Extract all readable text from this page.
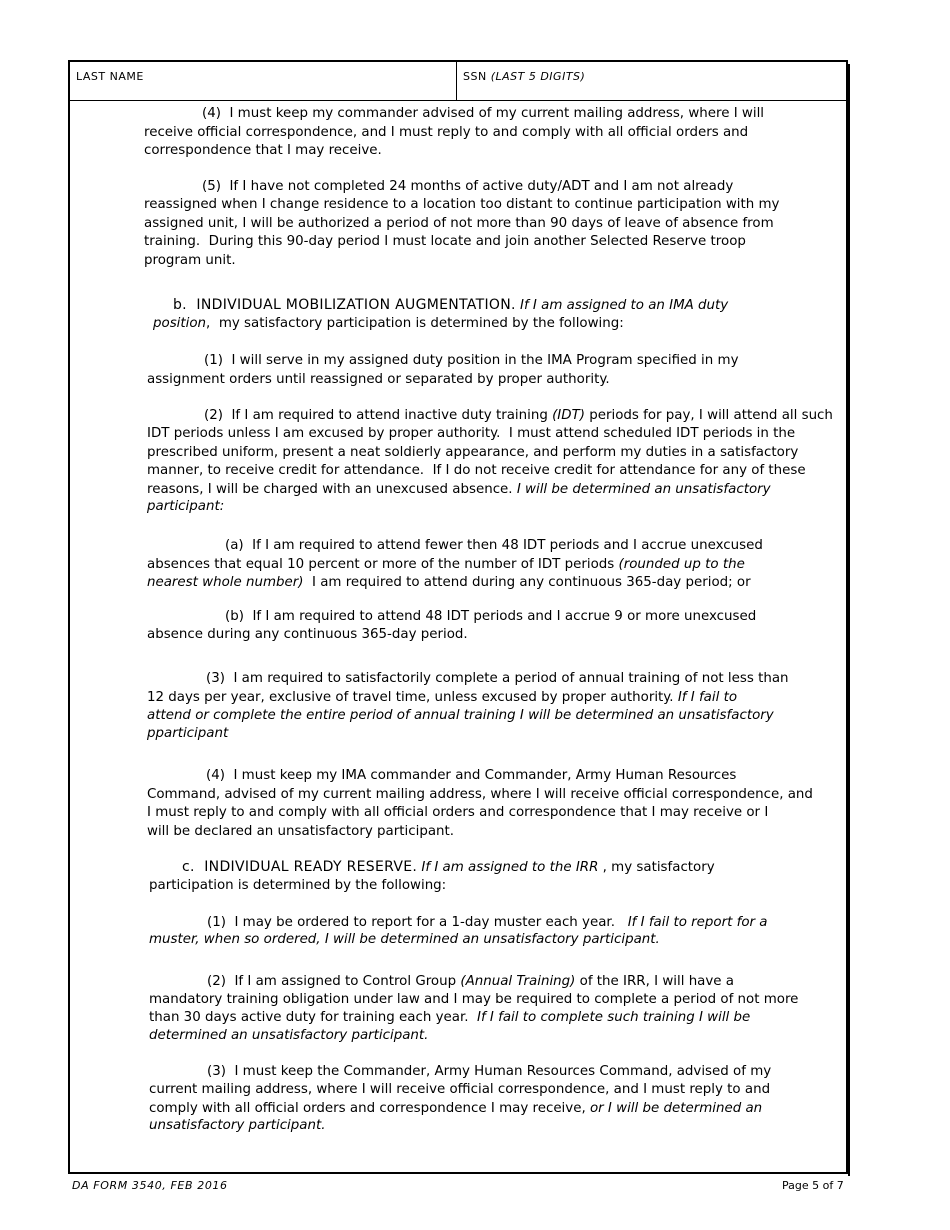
LAST NAME	SSN (LAST 5 DIGITS)
(4)  I must keep my commander advised of my current mailing address, where I will
receive official correspondence, and I must reply to and comply with all official orders and
correspondence that I may receive.
(5)  If I have not completed 24 months of active duty/ADT and I am not already
reassigned when I change residence to a location too distant to continue participation with my
assigned unit, I will be authorized a period of not more than 90 days of leave of absence from
training.  During this 90-day period I must locate and join another Selected Reserve troop
program unit.
b.  INDIVIDUAL MOBILIZATION AUGMENTATION. If I am assigned to an IMA duty
position,  my satisfactory participation is determined by the following:
(1)  I will serve in my assigned duty position in the IMA Program specified in my
assignment orders until reassigned or separated by proper authority.
(2)  If I am required to attend inactive duty training (IDT) periods for pay, I will attend all such
IDT periods unless I am excused by proper authority.  I must attend scheduled IDT periods in the
prescribed uniform, present a neat soldierly appearance, and perform my duties in a satisfactory
manner, to receive credit for attendance.  If I do not receive credit for attendance for any of these
reasons, I will be charged with an unexcused absence. I will be determined an unsatisfactory
participant:
(a)  If I am required to attend fewer then 48 IDT periods and I accrue unexcused
absences that equal 10 percent or more of the number of IDT periods (rounded up to the
nearest whole number)  I am required to attend during any continuous 365-day period; or
(b)  If I am required to attend 48 IDT periods and I accrue 9 or more unexcused
absence during any continuous 365-day period.
(3)  I am required to satisfactorily complete a period of annual training of not less than
12 days per year, exclusive of travel time, unless excused by proper authority. If I fail to
attend or complete the entire period of annual training I will be determined an unsatisfactory
pparticipant
(4)  I must keep my IMA commander and Commander, Army Human Resources
Command, advised of my current mailing address, where I will receive official correspondence, and
I must reply to and comply with all official orders and correspondence that I may receive or I
will be declared an unsatisfactory participant.
c.  INDIVIDUAL READY RESERVE. If I am assigned to the IRR , my satisfactory
participation is determined by the following:
(1)  I may be ordered to report for a 1-day muster each year.   If I fail to report for a
muster, when so ordered, I will be determined an unsatisfactory participant.
(2)  If I am assigned to Control Group (Annual Training) of the IRR, I will have a
mandatory training obligation under law and I may be required to complete a period of not more
than 30 days active duty for training each year.  If I fail to complete such training I will be
determined an unsatisfactory participant.
(3)  I must keep the Commander, Army Human Resources Command, advised of my
current mailing address, where I will receive official correspondence, and I must reply to and
comply with all official orders and correspondence I may receive, or I will be determined an
unsatisfactory participant.
DA FORM 3540, FEB 2016	Page 5 of 7
